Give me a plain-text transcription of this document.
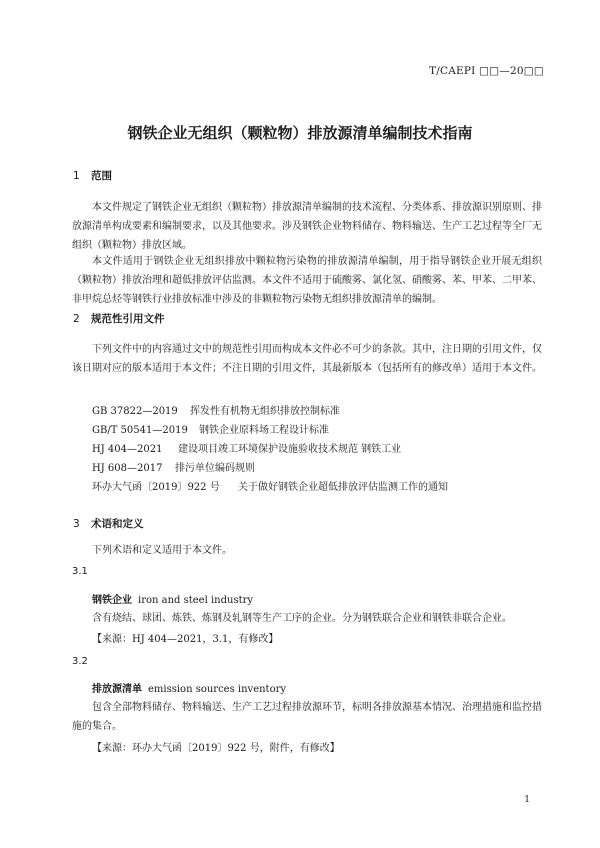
T/CAEPI □□—20□□
钢铁企业无组织（颗粒物）排放源清单编制技术指南
1 范围
本文件规定了钢铁企业无组织（颗粒物）排放源清单编制的技术流程、分类体系、排放源识别原则、排放源清单构成要素和编制要求，以及其他要求。涉及钢铁企业物料储存、物料输送、生产工艺过程等全厂无组织（颗粒物）排放区域。
本文件适用于钢铁企业无组织排放中颗粒物污染物的排放源清单编制，用于指导钢铁企业开展无组织（颗粒物）排放治理和超低排放评估监测。本文件不适用于硫酸雾、氯化氢、硝酸雾、苯、甲苯、二甲苯、非甲烷总烃等钢铁行业排放标准中涉及的非颗粒物污染物无组织排放源清单的编制。
2 规范性引用文件
下列文件中的内容通过文中的规范性引用而构成本文件必不可少的条款。其中，注日期的引用文件，仅该日期对应的版本适用于本文件；不注日期的引用文件，其最新版本（包括所有的修改单）适用于本文件。
GB 37822—2019 挥发性有机物无组织排放控制标准
GB/T 50541—2019 钢铁企业原料场工程设计标准
HJ 404—2021 建设项目竣工环境保护设施验收技术规范 钢铁工业
HJ 608—2017 排污单位编码规则
环办大气函〔2019〕922 号 关于做好钢铁企业超低排放评估监测工作的通知
3 术语和定义
下列术语和定义适用于本文件。
3.1
钢铁企业 iron and steel industry
含有烧结、球团、炼铁、炼钢及轧钢等生产工序的企业。分为钢铁联合企业和钢铁非联合企业。
【来源：HJ 404—2021，3.1，有修改】
3.2
排放源清单 emission sources inventory
包含全部物料储存、物料输送、生产工艺过程排放源环节，标明各排放源基本情况、治理措施和监控措施的集合。
【来源：环办大气函〔2019〕922 号，附件，有修改】
1
